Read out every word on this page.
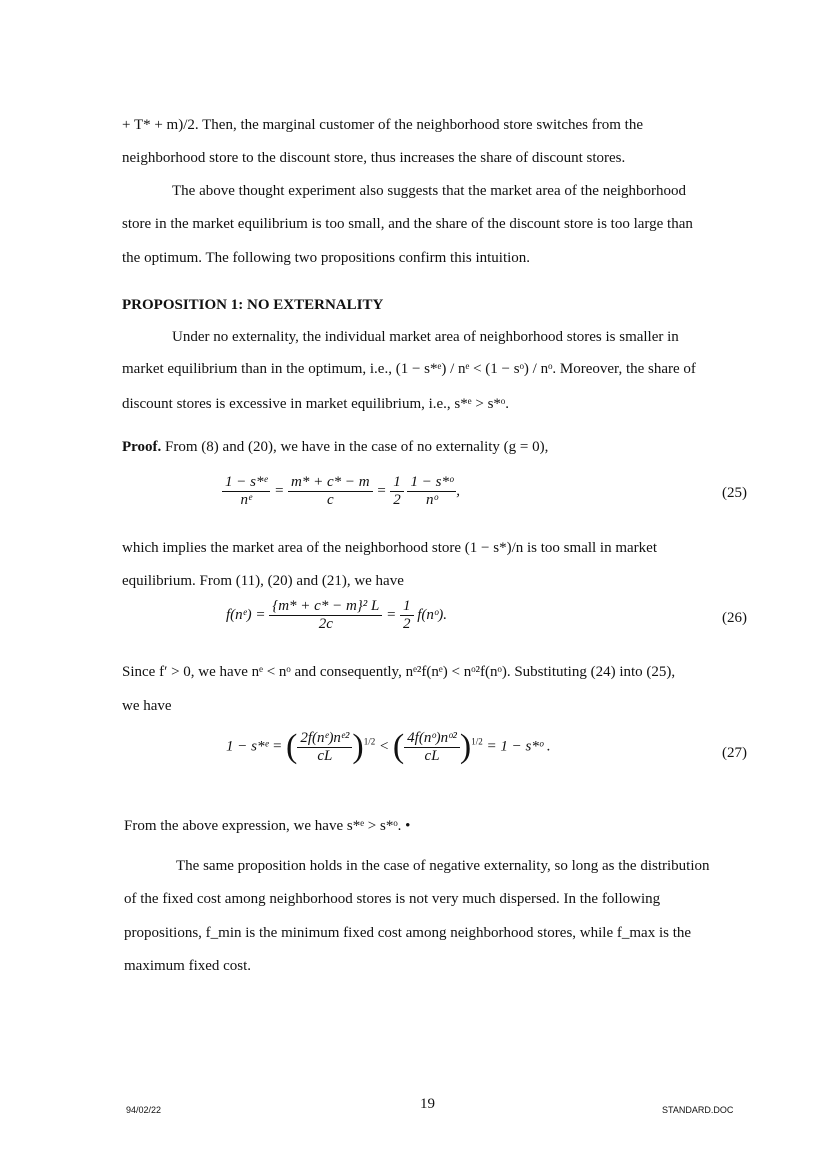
+ T* + m)/2. Then, the marginal customer of the neighborhood store switches from the
neighborhood store to the discount store, thus increases the share of discount stores.
The above thought experiment also suggests that the market area of the neighborhood
store in the market equilibrium is too small, and the share of the discount store is too large than
the optimum. The following two propositions confirm this intuition.
PROPOSITION 1: NO EXTERNALITY
Under no externality, the individual market area of neighborhood stores is smaller in
market equilibrium than in the optimum, i.e., (1 − s*ᵉ) / nᵉ < (1 − sᵒ) / nᵒ. Moreover, the share of
discount stores is excessive in market equilibrium, i.e., s*ᵉ > s*ᵒ.
Proof. From (8) and (20), we have in the case of no externality (g = 0),
$\frac{\text{1 − s*ᵉ}}{\text{nᵉ}} = \frac{m* + c* - m}{c} = \frac{1}{2}$
$\frac{\text{1 − s*ᵒ}}{\text{nᵒ}}$ ,	(25)
which implies the market area of the neighborhood store (1 − s*)/n is too small in market
equilibrium. From (11), (20) and (21), we have
f(nᵉ) = $\frac{\text{\{m* + c* − m\}² L}}{2c} = \frac{1}{2}$ f(nᵒ).	(26)
Since f′ > 0, we have nᵉ < nᵒ and consequently, nᵉ²f(nᵉ) < nᵒ²f(nᵒ). Substituting (24) into (25),
we have
1 − s*ᵉ = ( $\frac{\text{2f(nᵉ)nᵉ²}}{cL} )^{1/2}$ < ( $\frac{\text{4f(nᵒ)nᵒ²}}{cL} )^{1/2} = 1$ − s*ᵒ .	(27)
From the above expression, we have s*ᵉ > s*ᵒ. •
The same proposition holds in the case of negative externality, so long as the distribution
of the fixed cost among neighborhood stores is not very much dispersed. In the following
propositions, f_min is the minimum fixed cost among neighborhood stores, while f_max is the
maximum fixed cost.
94/02/22	19	STANDARD.DOC
